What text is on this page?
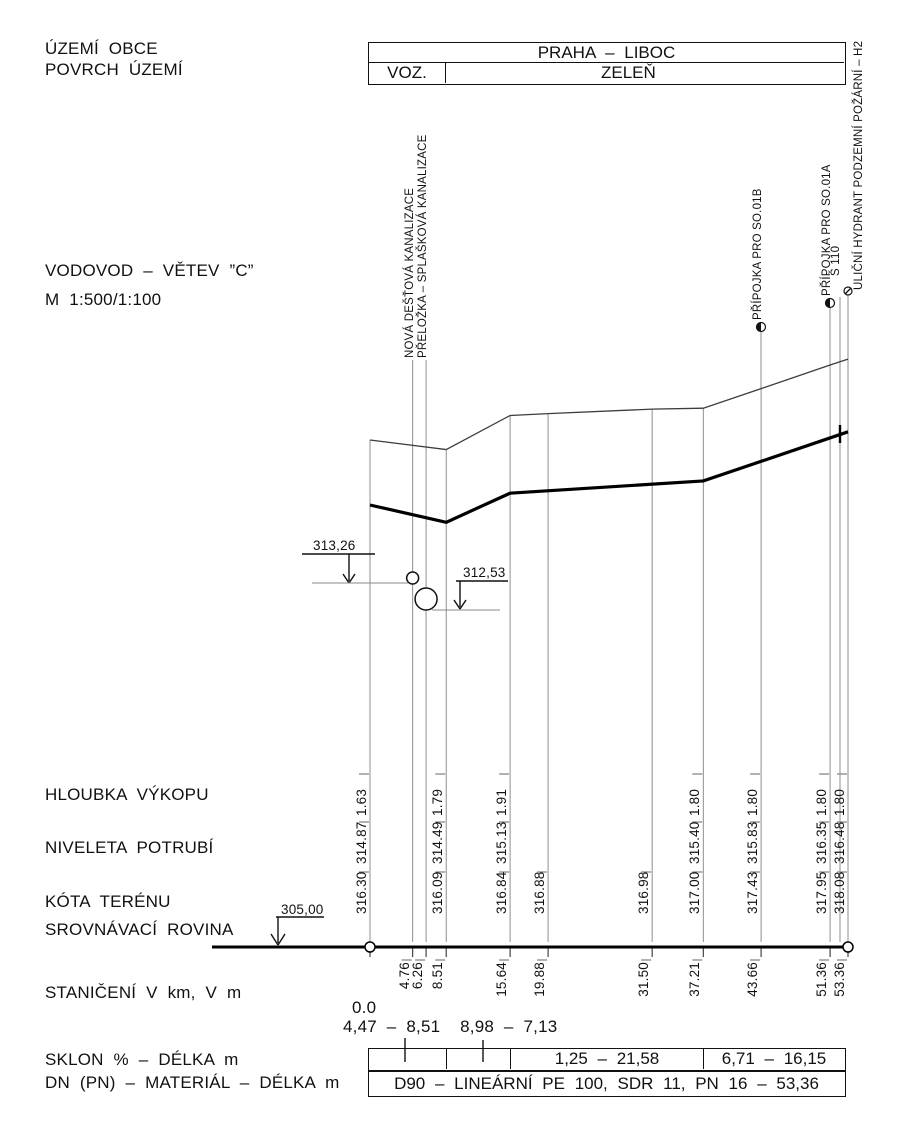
ÚZEMÍ OBCE
POVRCH ÚZEMÍ
PRAHA – LIBOC
VOZ.	ZELEŇ
VODOVOD – VĚTEV ”C”
M 1:500/1:100
313,26
312,53
305,00
HLOUBKA VÝKOPU
NIVELETA POTRUBÍ
KÓTA TERÉNU
SROVNÁVACÍ ROVINA
STANIČENÍ V km, V m
SKLON % – DÉLKA m
DN (PN) – MATERIÁL – DÉLKA m
0.0
4,47 – 8,51  8,98 – 7,13
1,25 – 21,58	6,71 – 16,15
D90 – LINEÁRNÍ PE 100, SDR 11, PN 16 – 53,36
1.63
314.87
316.30
4.76
6.26
1.79
314.49
316.09
8.51
1.91
315.13
316.84
15.64
316.88
19.88
316.98
31.50
1.80
315.40
317.00
37.21
1.80
315.83
317.43
43.66
1.80
316.35
317.95
51.36
1.80
316.48
318.08
53.36
NOVÁ DEŠŤOVÁ KANALIZACE PŘELOŽKA – SPLAŠKOVÁ KANALIZACE	PŘÍPOJKA PRO SO.01B	PŘÍPOJKA PRO SO.01A
Š 110 ULIČNÍ HYDRANT PODZEMNÍ POŽÁRNÍ – H2
